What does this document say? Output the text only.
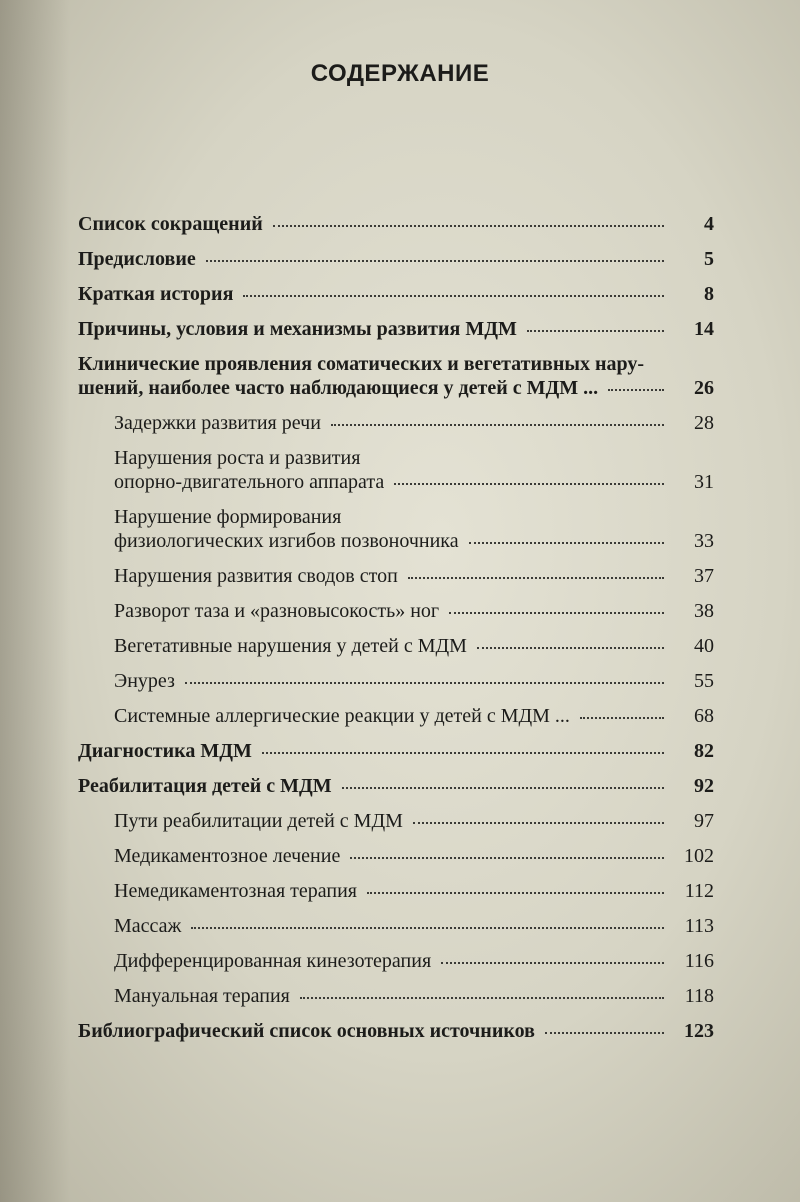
СОДЕРЖАНИЕ
Список сокращений	4
Предисловие	5
Краткая история	8
Причины, условия и механизмы развития МДМ	14
Клинические проявления соматических и вегетативных нару-
шений, наиболее часто наблюдающиеся у детей с МДМ ...	26
Задержки развития речи	28
Нарушения роста и развития
опорно-двигательного аппарата	31
Нарушение формирования
физиологических изгибов позвоночника	33
Нарушения развития сводов стоп	37
Разворот таза и «разновысокость» ног	38
Вегетативные нарушения у детей с МДМ	40
Энурез	55
Системные аллергические реакции у детей с МДМ ...	68
Диагностика МДМ	82
Реабилитация детей с МДМ	92
Пути реабилитации детей с МДМ	97
Медикаментозное лечение	102
Немедикаментозная терапия	112
Массаж	113
Дифференцированная кинезотерапия	116
Мануальная терапия	118
Библиографический список основных источников	123
